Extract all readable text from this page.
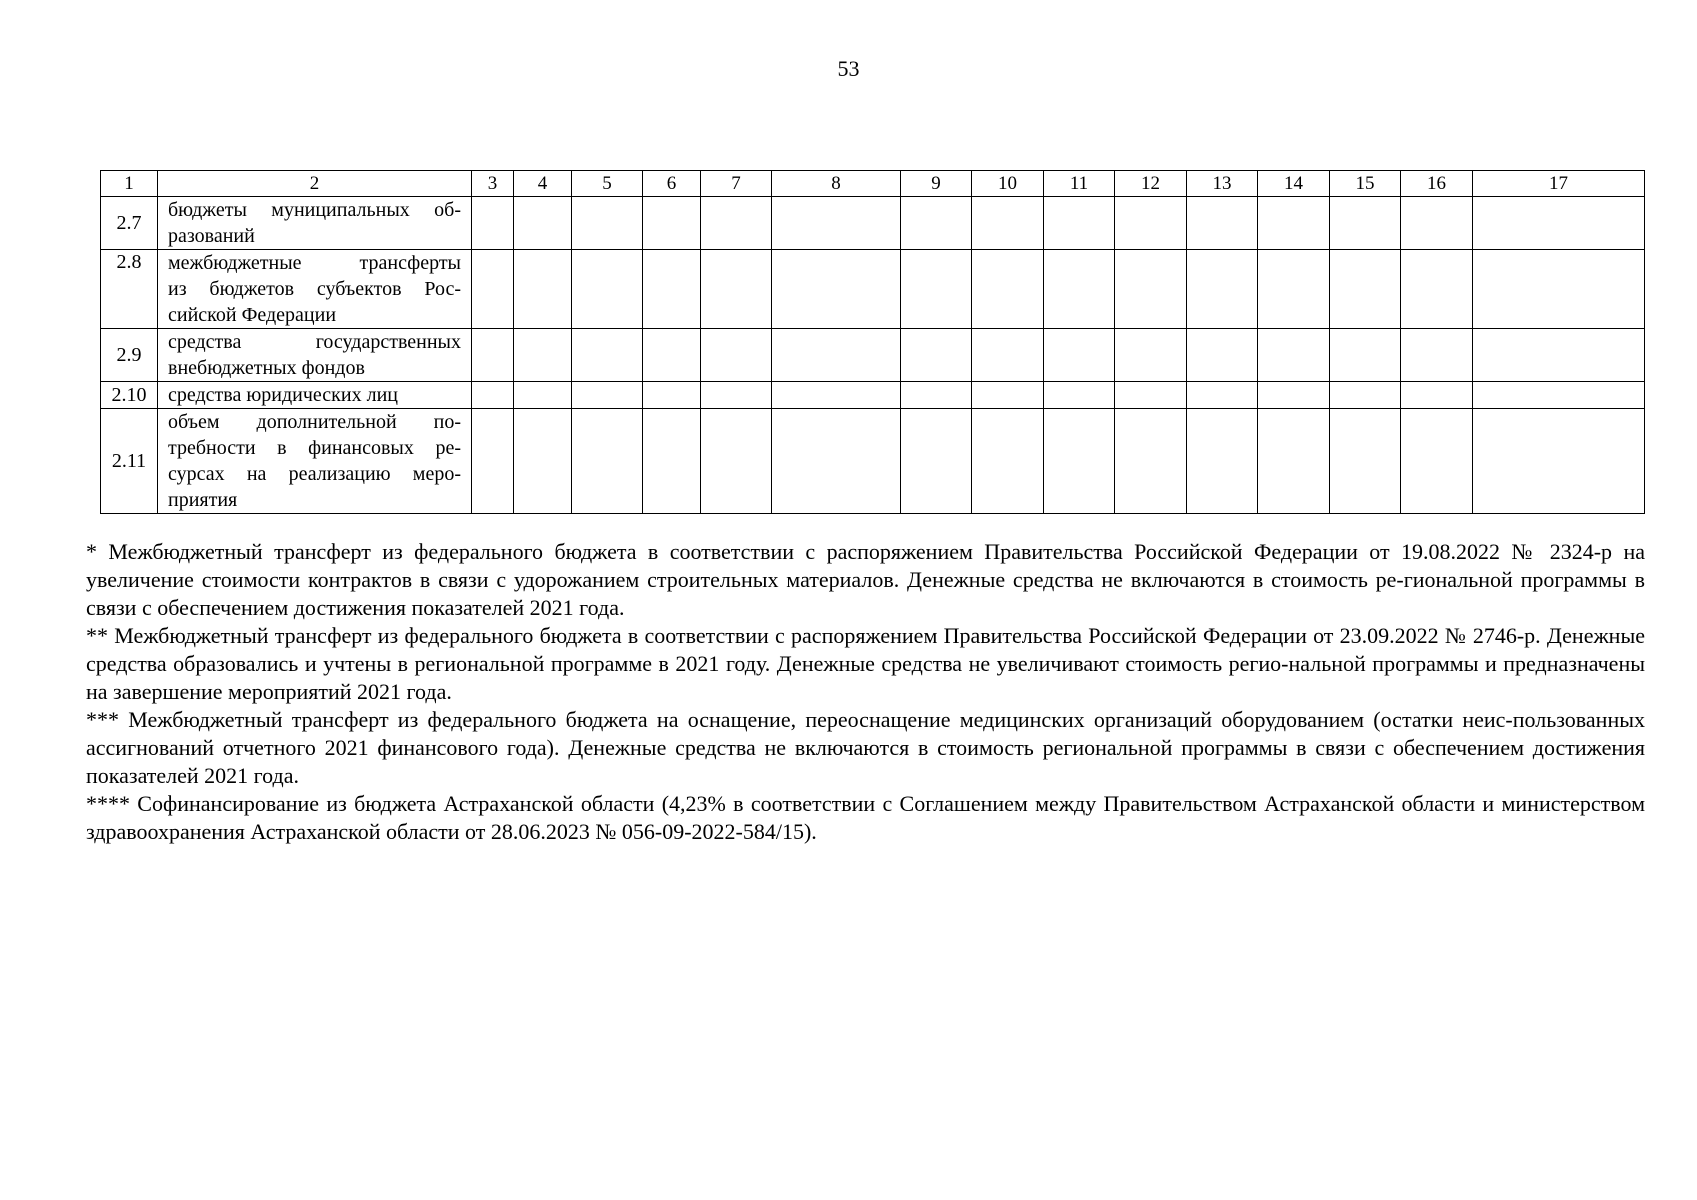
53
1	2	3	4	5	6	7	8	9	10	11	12	13	14	15	16	17
2.7	бюджеты муниципальных об-
разований															

2.8	межбюджетные трансферты
из бюджетов субъектов Рос-
сийской Федерации															

2.9	средства государственных
внебюджетных фондов															

2.10	средства юридических лиц															

2.11	объем дополнительной по-
требности в финансовых ре-
сурсах на реализацию меро-
приятия															

* Межбюджетный трансферт из федерального бюджета в соответствии с распоряжением Правительства Российской Федерации от 19.08.2022 № 2324-р на увеличение стоимости контрактов в связи с удорожанием строительных материалов. Денежные средства не включаются в стоимость ре-гиональной программы в связи с обеспечением достижения показателей 2021 года.

** Межбюджетный трансферт из федерального бюджета в соответствии с распоряжением Правительства Российской Федерации от 23.09.2022 № 2746-р. Денежные средства образовались и учтены в региональной программе в 2021 году. Денежные средства не увеличивают стоимость регио-нальной программы и предназначены на завершение мероприятий 2021 года.

*** Межбюджетный трансферт из федерального бюджета на оснащение, переоснащение медицинских организаций оборудованием (остатки неис-пользованных ассигнований отчетного 2021 финансового года). Денежные средства не включаются в стоимость региональной программы в связи с обеспечением достижения показателей 2021 года.

**** Софинансирование из бюджета Астраханской области (4,23% в соответствии с Соглашением между Правительством Астраханской области и министерством здравоохранения Астраханской области от 28.06.2023 № 056-09-2022-584/15).
